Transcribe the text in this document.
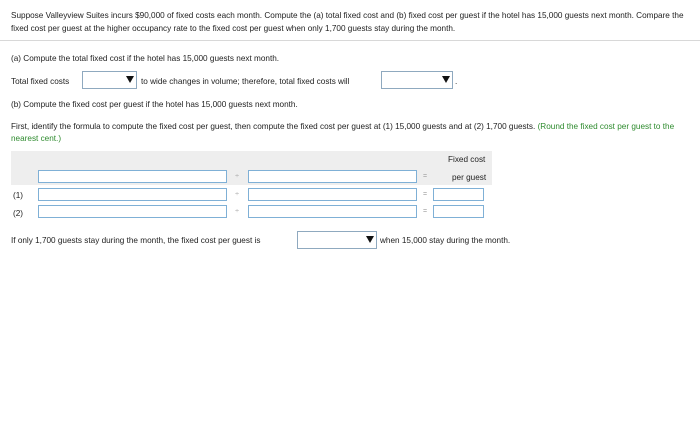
Suppose Valleyview Suites incurs $90,000 of fixed costs each month. Compute the (a) total fixed cost and (b) fixed cost per guest if the hotel has 15,000 guests next month. Compare the fixed cost per guest at the higher occupancy rate to the fixed cost per guest when only 1,700 guests stay during the month.
(a) Compute the total fixed cost if the hotel has 15,000 guests next month.
Total fixed costs	to wide changes in volume; therefore, total fixed costs will	.
(b) Compute the fixed cost per guest if the hotel has 15,000 guests next month.
First, identify the formula to compute the fixed cost per guest, then compute the fixed cost per guest at (1) 15,000 guests and at (2) 1,700 guests. (Round the fixed cost per guest to the nearest cent.)
Fixed cost
per guest
÷	=
(1)	÷	=
(2)	÷	=
If only 1,700 guests stay during the month, the fixed cost per guest is	when 15,000 stay during the month.
